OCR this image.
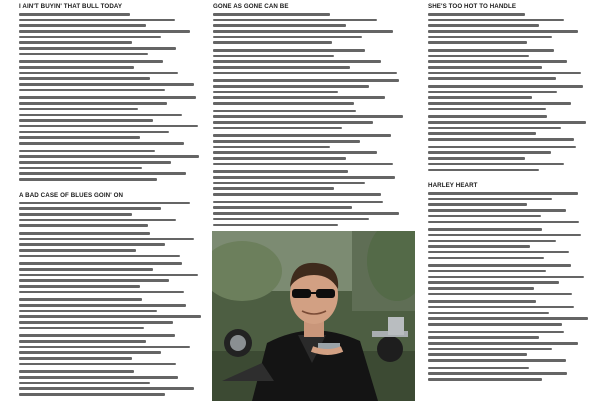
I AIN'T BUYIN' THAT BULL TODAY
A BAD CASE OF BLUES GOIN' ON
GONE AS GONE CAN BE	SHE'S TOO HOT TO HANDLE
HARLEY HEART
